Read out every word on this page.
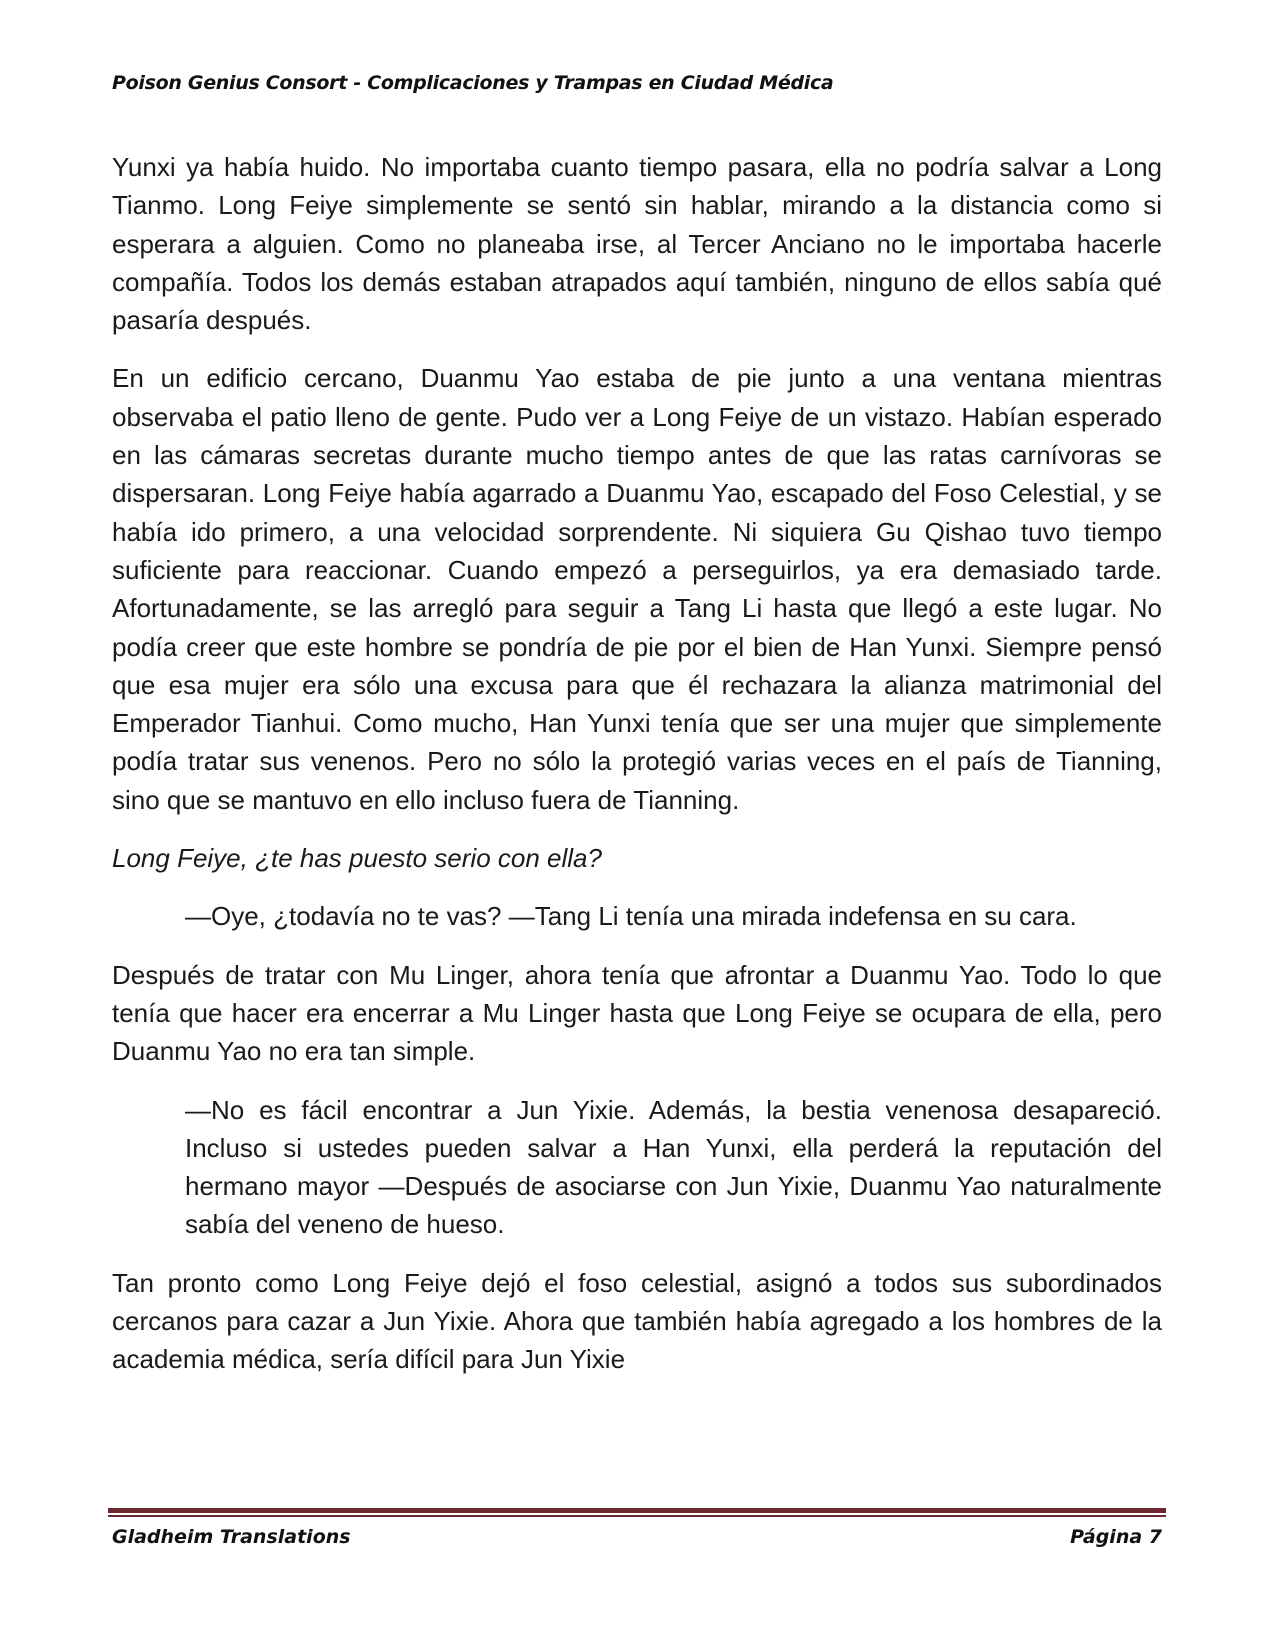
Poison Genius Consort - Complicaciones y Trampas en Ciudad Médica

Yunxi ya había huido. No importaba cuanto tiempo pasara, ella no podría salvar a Long Tianmo. Long Feiye simplemente se sentó sin hablar, mirando a la distancia como si esperara a alguien. Como no planeaba irse, al Tercer Anciano no le importaba hacerle compañía. Todos los demás estaban atrapados aquí también, ninguno de ellos sabía qué pasaría después.

En un edificio cercano, Duanmu Yao estaba de pie junto a una ventana mientras observaba el patio lleno de gente. Pudo ver a Long Feiye de un vistazo. Habían esperado en las cámaras secretas durante mucho tiempo antes de que las ratas carnívoras se dispersaran. Long Feiye había agarrado a Duanmu Yao, escapado del Foso Celestial, y se había ido primero, a una velocidad sorprendente. Ni siquiera Gu Qishao tuvo tiempo suficiente para reaccionar. Cuando empezó a perseguirlos, ya era demasiado tarde. Afortunadamente, se las arregló para seguir a Tang Li hasta que llegó a este lugar. No podía creer que este hombre se pondría de pie por el bien de Han Yunxi. Siempre pensó que esa mujer era sólo una excusa para que él rechazara la alianza matrimonial del Emperador Tianhui. Como mucho, Han Yunxi tenía que ser una mujer que simplemente podía tratar sus venenos. Pero no sólo la protegió varias veces en el país de Tianning, sino que se mantuvo en ello incluso fuera de Tianning.

Long Feiye, ¿te has puesto serio con ella?

—Oye, ¿todavía no te vas? —Tang Li tenía una mirada indefensa en su cara.

Después de tratar con Mu Linger, ahora tenía que afrontar a Duanmu Yao. Todo lo que tenía que hacer era encerrar a Mu Linger hasta que Long Feiye se ocupara de ella, pero Duanmu Yao no era tan simple.

—No es fácil encontrar a Jun Yixie. Además, la bestia venenosa desapareció. Incluso si ustedes pueden salvar a Han Yunxi, ella perderá la reputación del hermano mayor —Después de asociarse con Jun Yixie, Duanmu Yao naturalmente sabía del veneno de hueso.

Tan pronto como Long Feiye dejó el foso celestial, asignó a todos sus subordinados cercanos para cazar a Jun Yixie. Ahora que también había agregado a los hombres de la academia médica, sería difícil para Jun Yixie

Gladheim Translations	Página 7
